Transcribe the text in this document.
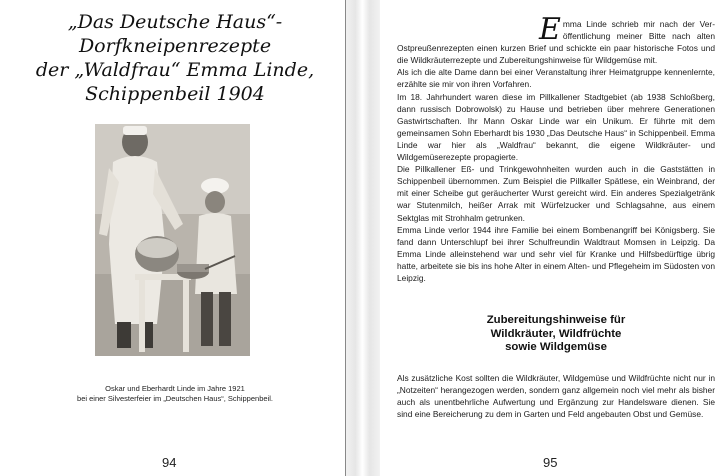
„Das Deutsche Haus“-
Dorfkneipenrezepte
der „Waldfrau“ Emma Linde,
Schippenbeil 1904
Oskar und Eberhardt Linde im Jahre 1921
bei einer Silvesterfeier im „Deutschen Haus“, Schippenbeil.
94

Emma Linde schrieb mir nach der Ver- öffentlichung meiner Bitte nach alten Ostpreußenrezepten einen kurzen Brief und schickte ein paar historische Fotos und die Wildkräuterrezepte und Zubereitungshinweise für Wildgemüse mit.

Als ich die alte Dame dann bei einer Veranstaltung ihrer Heimatgruppe kennenlernte, erzählte sie mir von ihren Vorfahren.

Im 18. Jahrhundert waren diese im Pillkallener Stadtgebiet (ab 1938 Schloßberg, dann russisch Dobrowolsk) zu Hause und betrieben über mehrere Generationen Gastwirtschaften. Ihr Mann Oskar Linde war ein Unikum. Er führte mit dem gemeinsamen Sohn Eberhardt bis 1930 „Das Deutsche Haus“ in Schippenbeil. Emma Linde war hier als „Waldfrau“ bekannt, die eigene Wildkräuter- und Wildgemüserezepte propagierte.

Die Pillkallener Eß- und Trinkgewohnheiten wurden auch in die Gaststätten in Schippenbeil übernommen. Zum Beispiel die Pillkaller Spätlese, ein Weinbrand, der mit einer Scheibe gut geräucherter Wurst gereicht wird. Ein anderes Spezialgetränk war Stutenmilch, heißer Arrak mit Würfelzucker und Schlagsahne, aus einem Sektglas mit Strohhalm getrunken.

Emma Linde verlor 1944 ihre Familie bei einem Bombenangriff bei Königsberg. Sie fand dann Unterschlupf bei ihrer Schulfreundin Waldtraut Momsen in Leipzig. Da Emma Linde alleinstehend war und sehr viel für Kranke und Hilfsbedürftige übrig hatte, arbeitete sie bis ins hohe Alter in einem Alten- und Pflegeheim im Südosten von Leipzig.

Zubereitungshinweise für
Wildkräuter, Wildfrüchte
sowie Wildgemüse

Als zusätzliche Kost sollten die Wildkräuter, Wildgemüse und Wildfrüchte nicht nur in „Notzeiten“ herangezogen werden, sondern ganz allgemein noch viel mehr als bisher auch als unentbehrliche Aufwertung und Ergänzung zur Handelsware dienen. Sie sind eine Bereicherung zu dem in Garten und Feld angebauten Obst und Gemüse.

95
